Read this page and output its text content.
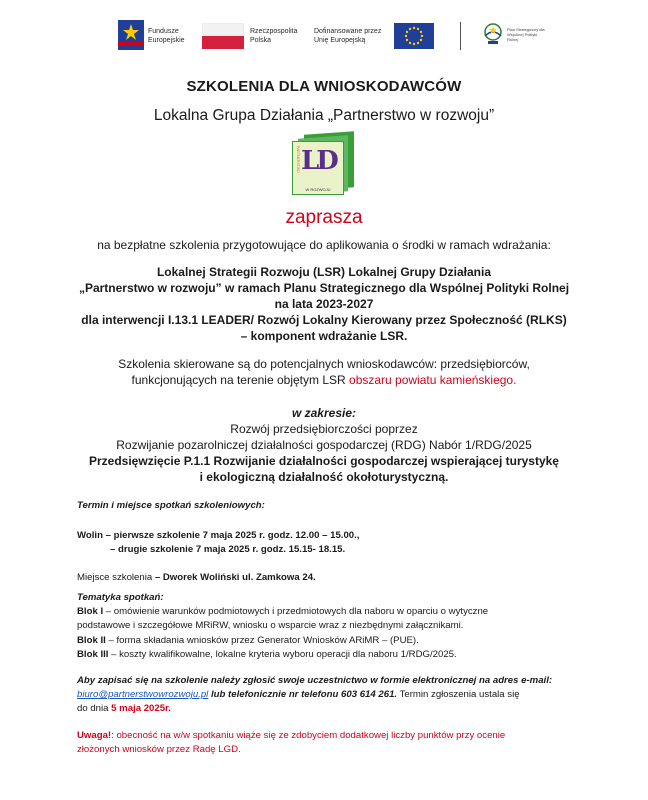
Fundusze
Europejskie
Rzeczpospolita
Polska
Dofinansowane przez
Unię Europejską
Plan Strategiczny dla Wspólnej Polityki Rolnej
SZKOLENIA DLA WNIOSKODAWCÓW
Lokalna Grupa Działania „Partnerstwo w rozwoju”
LD
PARTNERSTWO
W ROZWOJU
zaprasza
na bezpłatne szkolenia przygotowujące do aplikowania o środki w ramach wdrażania:
Lokalnej Strategii Rozwoju (LSR) Lokalnej Grupy Działania
„Partnerstwo w rozwoju” w ramach Planu Strategicznego dla Wspólnej Polityki Rolnej
na lata 2023-2027
dla interwencji I.13.1 LEADER/ Rozwój Lokalny Kierowany przez Społeczność (RLKS)
– komponent wdrażanie LSR.
Szkolenia skierowane są do potencjalnych wnioskodawców: przedsiębiorców,
funkcjonujących na terenie objętym LSR obszaru powiatu kamieńskiego.
w zakresie:
Rozwój przedsiębiorczości poprzez
Rozwijanie pozarolniczej działalności gospodarczej (RDG) Nabór 1/RDG/2025
Przedsięwzięcie P.1.1 Rozwijanie działalności gospodarczej wspierającej turystykę
i ekologiczną działalność okołoturystyczną.
Termin i miejsce spotkań szkoleniowych:
Wolin – pierwsze szkolenie 7 maja 2025 r. godz. 12.00 – 15.00.,
– drugie szkolenie 7 maja 2025 r. godz. 15.15- 18.15.
Miejsce szkolenia – Dworek Woliński ul. Zamkowa 24.
Tematyka spotkań:
Blok I – omówienie warunków podmiotowych i przedmiotowych dla naboru w oparciu o wytyczne
podstawowe i szczegółowe MRiRW, wniosku o wsparcie wraz z niezbędnymi załącznikami.
Blok II – forma składania wniosków przez Generator Wniosków ARiMR – (PUE).
Blok III – koszty kwalifikowalne, lokalne kryteria wyboru operacji dla naboru 1/RDG/2025.
Aby zapisać się na szkolenie należy zgłosić swoje uczestnictwo w formie elektronicznej na adres e-mail:
biuro@partnerstwowrozwoju.pl lub telefonicznie nr telefonu 603 614 261. Termin zgłoszenia ustala się
do dnia 5 maja 2025r.
Uwaga!: obecność na w/w spotkaniu wiąże się ze zdobyciem dodatkowej liczby punktów przy ocenie
złożonych wniosków przez Radę LGD.
